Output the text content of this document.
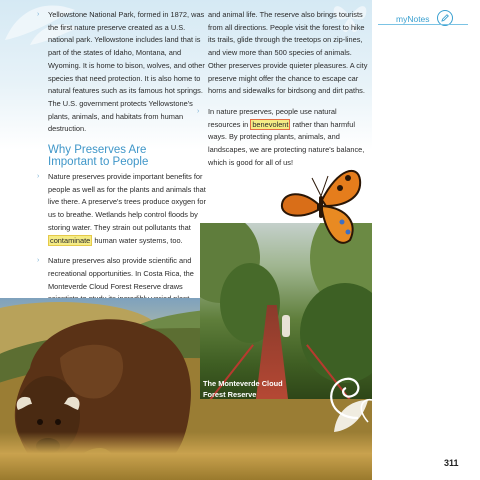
myNotes

› Yellowstone National Park, formed in 1872, was the first nature preserve created as a U.S. national park. Yellowstone includes land that is part of the states of Idaho, Montana, and Wyoming. It is home to bison, wolves, and other species that need protection. It is also home to natural features such as its famous hot springs. The U.S. government protects Yellowstone's plants, animals, and habitats from human destruction.

Why Preserves Are
Important to People

› Nature preserves provide important benefits for people as well as for the plants and animals that live there. A preserve's trees produce oxygen for us to breathe. Wetlands help control floods by storing water. They strain out pollutants that contaminate human water systems, too.

› Nature preserves also provide scientific and recreational opportunities. In Costa Rica, the Monteverde Cloud Forest Reserve draws

and animal life. The reserve also brings tourists from all directions. People visit the forest to hike its trails, glide through the treetops on zip-lines, and view more than 500 species of animals. Other preserves provide quieter pleasures. A city preserve might offer the chance to escape car horns and sidewalks for birdsong and dirt paths.

› In nature preserves, people use natural resources in benevolent rather than harmful ways. By protecting plants, animals, and landscapes, we are protecting nature's balance, which is good for all of us!

The Monteverde Cloud
Forest Reserve
311
